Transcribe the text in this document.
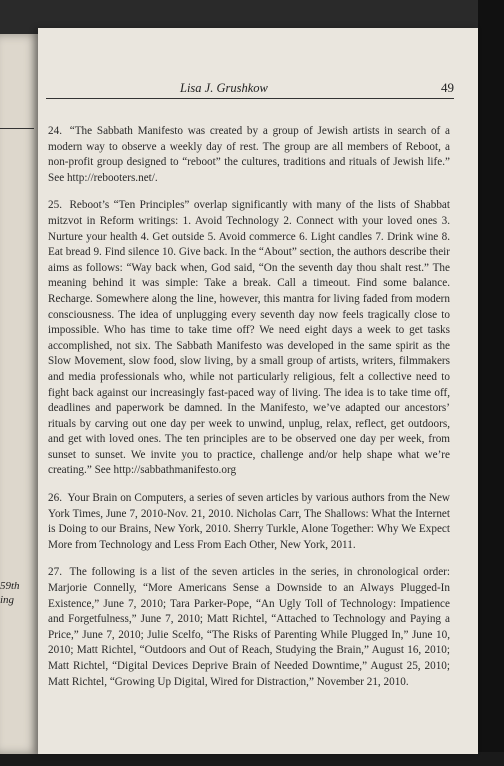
59th
ing
Lisa J. Grushkow	49

24. “The Sabbath Manifesto was created by a group of Jewish artists in search of a modern way to observe a weekly day of rest. The group are all members of Reboot, a non-profit group designed to “reboot” the cultures, traditions and rituals of Jewish life.” See http://rebooters.net/.

25. Reboot’s “Ten Principles” overlap significantly with many of the lists of Shabbat mitzvot in Reform writings: 1. Avoid Technology 2. Connect with your loved ones 3. Nurture your health 4. Get outside 5. Avoid commerce 6. Light candles 7. Drink wine 8. Eat bread 9. Find silence 10. Give back. In the “About” section, the authors describe their aims as follows: “Way back when, God said, “On the seventh day thou shalt rest.” The meaning behind it was simple: Take a break. Call a timeout. Find some balance. Recharge. Somewhere along the line, however, this mantra for living faded from modern consciousness. The idea of unplugging every seventh day now feels tragically close to impossible. Who has time to take time off? We need eight days a week to get tasks accomplished, not six. The Sabbath Manifesto was developed in the same spirit as the Slow Movement, slow food, slow living, by a small group of artists, writers, filmmakers and media professionals who, while not particularly religious, felt a collective need to fight back against our increasingly fast-paced way of living. The idea is to take time off, deadlines and paperwork be damned. In the Manifesto, we’ve adapted our ancestors’ rituals by carving out one day per week to unwind, unplug, relax, reflect, get outdoors, and get with loved ones. The ten principles are to be observed one day per week, from sunset to sunset. We invite you to practice, challenge and/or help shape what we’re creating.” See http://sabbathmanifesto.org

26. Your Brain on Computers, a series of seven articles by various authors from the New York Times, June 7, 2010-Nov. 21, 2010. Nicholas Carr, The Shallows: What the Internet is Doing to our Brains, New York, 2010. Sherry Turkle, Alone Together: Why We Expect More from Technology and Less From Each Other, New York, 2011.

27. The following is a list of the seven articles in the series, in chronological order: Marjorie Connelly, “More Americans Sense a Downside to an Always Plugged-In Existence,” June 7, 2010; Tara Parker-Pope, “An Ugly Toll of Technology: Impatience and Forgetfulness,” June 7, 2010; Matt Richtel, “Attached to Technology and Paying a Price,” June 7, 2010; Julie Scelfo, “The Risks of Parenting While Plugged In,” June 10, 2010; Matt Richtel, “Outdoors and Out of Reach, Studying the Brain,” August 16, 2010; Matt Richtel, “Digital Devices Deprive Brain of Needed Downtime,” August 25, 2010; Matt Richtel, “Growing Up Digital, Wired for Distraction,” November 21, 2010.
